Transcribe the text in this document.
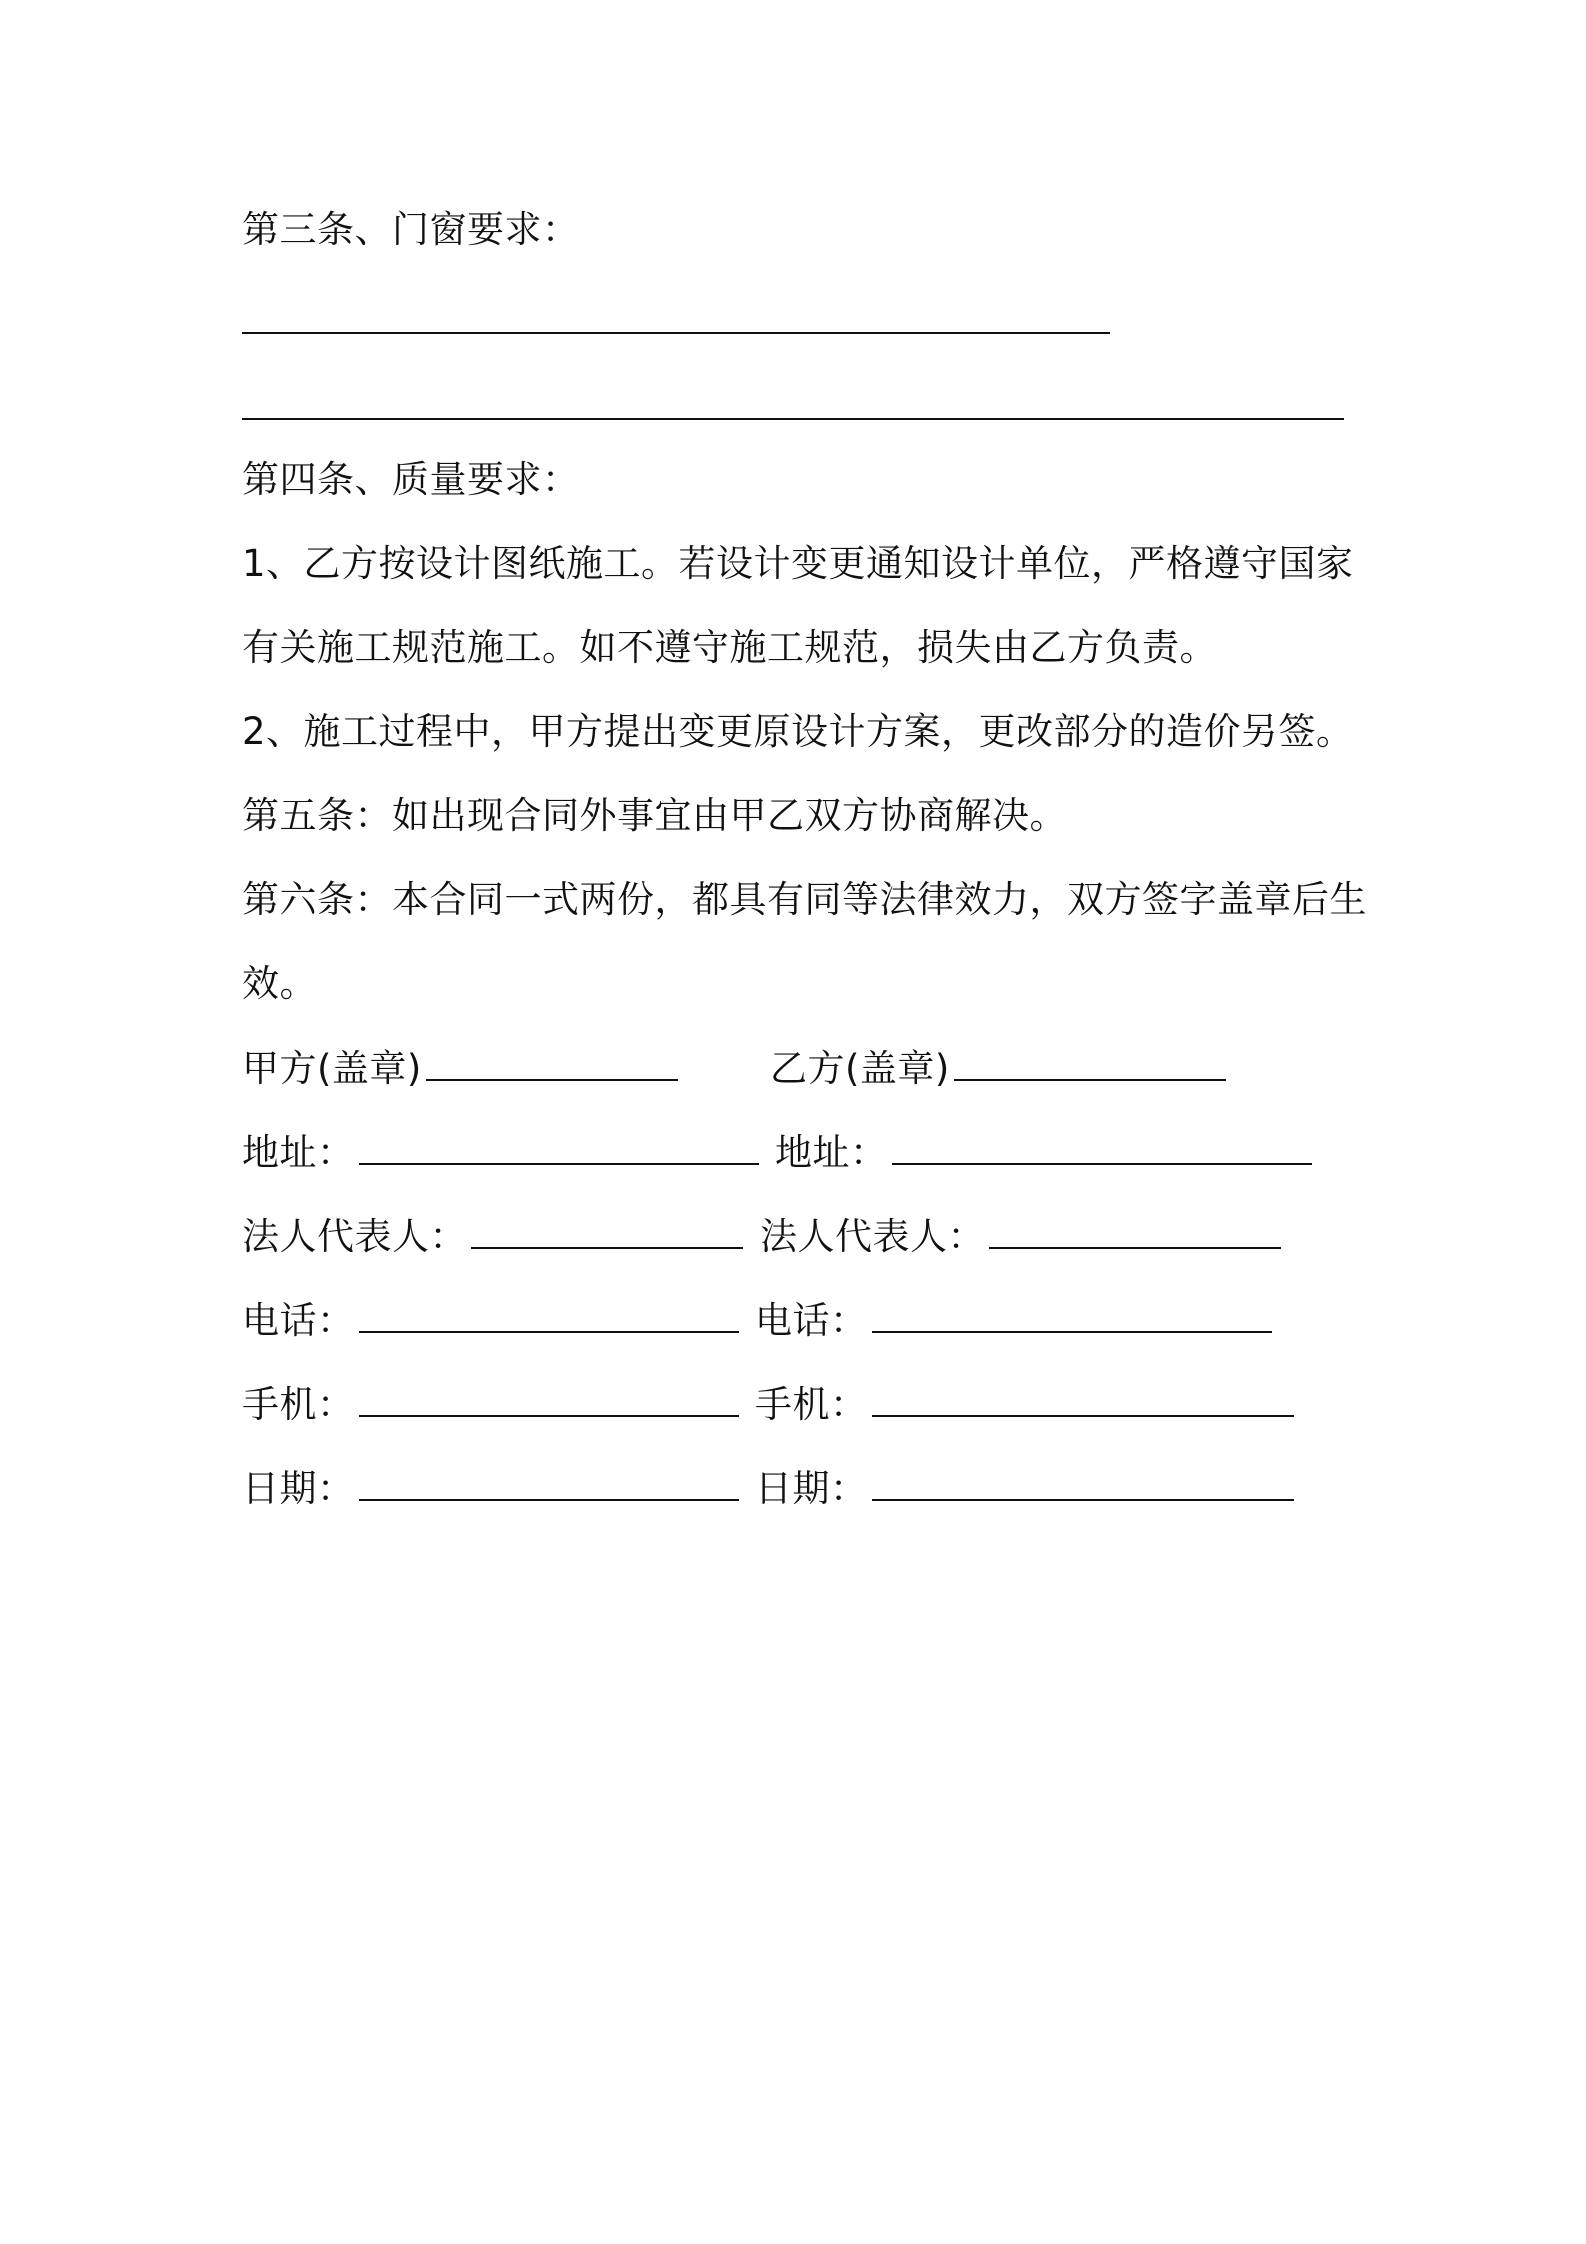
第三条、门窗要求：
第四条、质量要求：
1、乙方按设计图纸施工。若设计变更通知设计单位，严格遵守国家
有关施工规范施工。如不遵守施工规范，损失由乙方负责。
2、施工过程中，甲方提出变更原设计方案，更改部分的造价另签。
第五条：如出现合同外事宜由甲乙双方协商解决。
第六条：本合同一式两份，都具有同等法律效力，双方签字盖章后生
效。
甲方(盖章)	乙方(盖章)
地址：	地址：
法人代表人：	法人代表人：
电话：	电话：
手机：	手机：
日期：	日期：
